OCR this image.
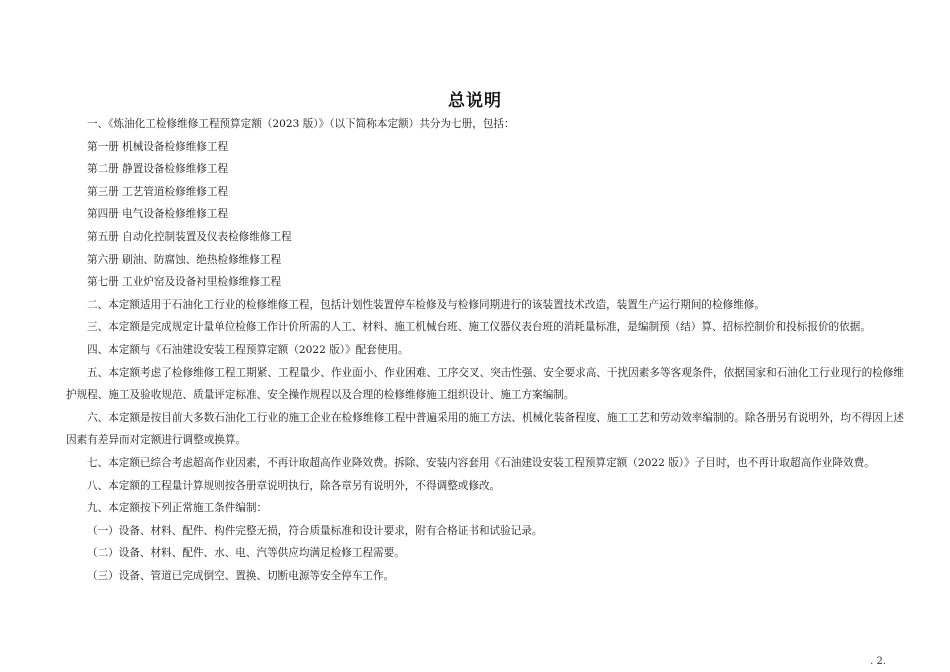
总说明

一、《炼油化工检修维修工程预算定额（2023 版）》（以下简称本定额）共分为七册，包括：

第一册 机械设备检修维修工程

第二册 静置设备检修维修工程

第三册 工艺管道检修维修工程

第四册 电气设备检修维修工程

第五册 自动化控制装置及仪表检修维修工程

第六册 刷油、防腐蚀、绝热检修维修工程

第七册 工业炉窑及设备衬里检修维修工程

二、本定额适用于石油化工行业的检修维修工程，包括计划性装置停车检修及与检修同期进行的该装置技术改造，装置生产运行期间的检修维修。

三、本定额是完成规定计量单位检修工作计价所需的人工、材料、施工机械台班、施工仪器仪表台班的消耗量标准，是编制预（结）算、招标控制价和投标报价的依据。

四、本定额与《石油建设安装工程预算定额（2022 版）》配套使用。

五、本定额考虑了检修维修工程工期紧、工程量少、作业面小、作业困难、工序交叉、突击性强、安全要求高、干扰因素多等客观条件，依据国家和石油化工行业现行的检修维护规程、施工及验收规范、质量评定标准、安全操作规程以及合理的检修维修施工组织设计、施工方案编制。

六、本定额是按目前大多数石油化工行业的施工企业在检修维修工程中普遍采用的施工方法、机械化装备程度、施工工艺和劳动效率编制的。除各册另有说明外，均不得因上述因素有差异而对定额进行调整或换算。

七、本定额已综合考虑超高作业因素，不再计取超高作业降效费。拆除、安装内容套用《石油建设安装工程预算定额（2022 版）》子目时，也不再计取超高作业降效费。

八、本定额的工程量计算规则按各册章说明执行，除各章另有说明外，不得调整或修改。

九、本定额按下列正常施工条件编制：

（一）设备、材料、配件、构件完整无损，符合质量标准和设计要求，附有合格证书和试验记录。

（二）设备、材料、配件、水、电、汽等供应均满足检修工程需要。

（三）设备、管道已完成倒空、置换、切断电源等安全停车工作。

. 2.
